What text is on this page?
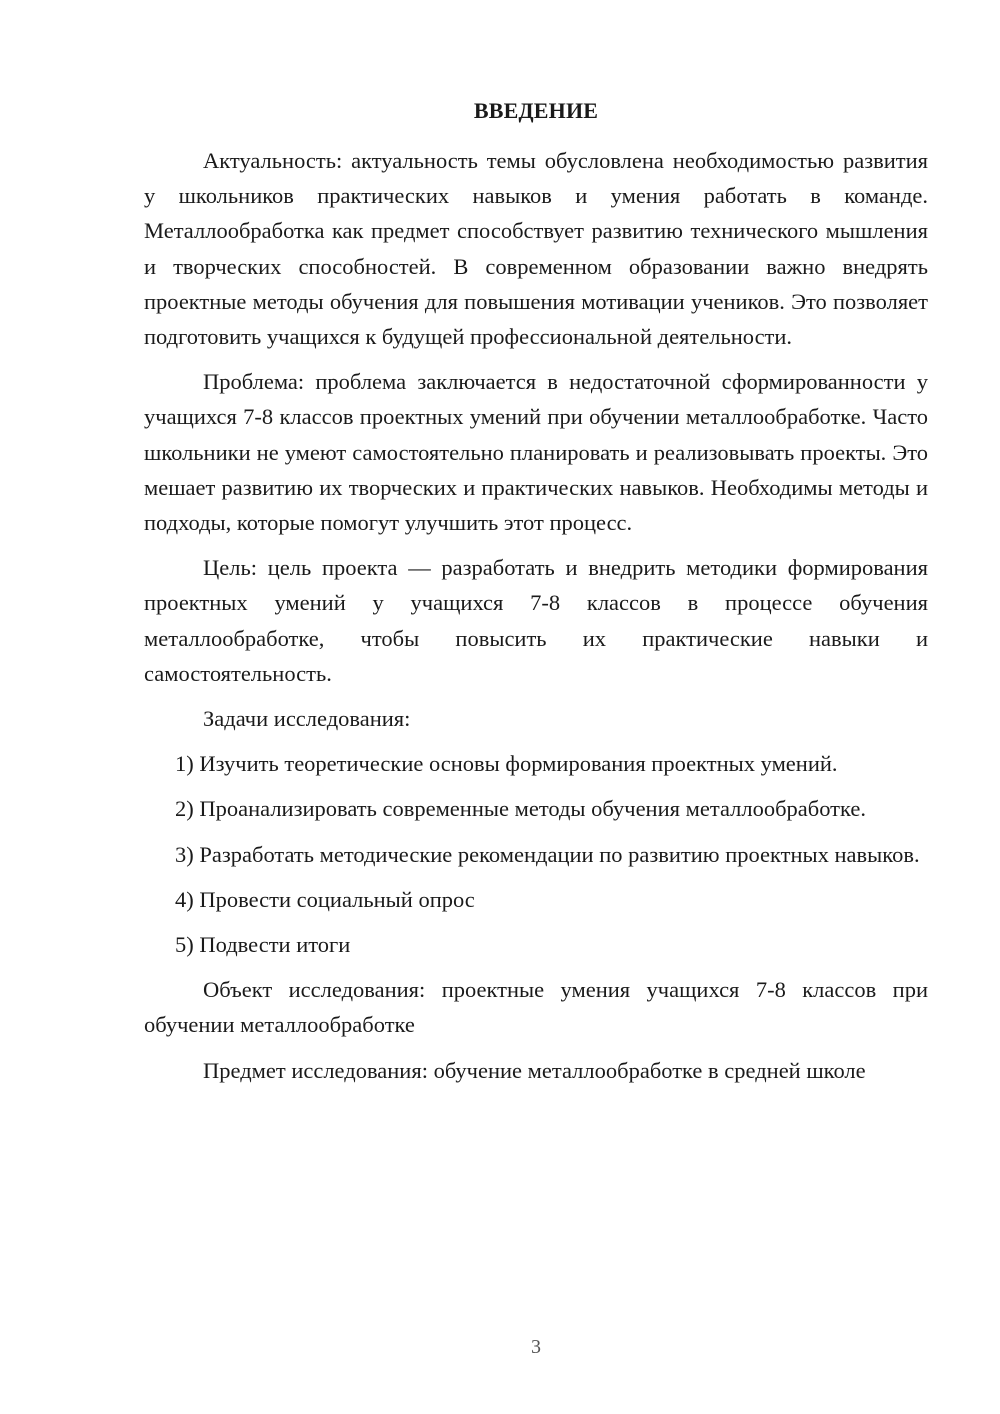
ВВЕДЕНИЕ

Актуальность: актуальность темы обусловлена необходимостью развития у школьников практических навыков и умения работать в команде. Металлообработка как предмет способствует развитию технического мышления и творческих способностей. В современном образовании важно внедрять проектные методы обучения для повышения мотивации учеников. Это позволяет подготовить учащихся к будущей профессиональной деятельности.

Проблема: проблема заключается в недостаточной сформированности у учащихся 7-8 классов проектных умений при обучении металлообработке. Часто школьники не умеют самостоятельно планировать и реализовывать проекты. Это мешает развитию их творческих и практических навыков. Необходимы методы и подходы, которые помогут улучшить этот процесс.

Цель: цель проекта — разработать и внедрить методики формирования проектных умений у учащихся 7-8 классов в процессе обучения металлообработке, чтобы повысить их практические навыки и самостоятельность.

Задачи исследования:

1) Изучить теоретические основы формирования проектных умений.

2) Проанализировать современные методы обучения металлообработке.

3) Разработать методические рекомендации по развитию проектных навыков.

4) Провести социальный опрос

5) Подвести итоги

Объект исследования: проектные умения учащихся 7-8 классов при обучении металлообработке

Предмет исследования: обучение металлообработке в средней школе

3
